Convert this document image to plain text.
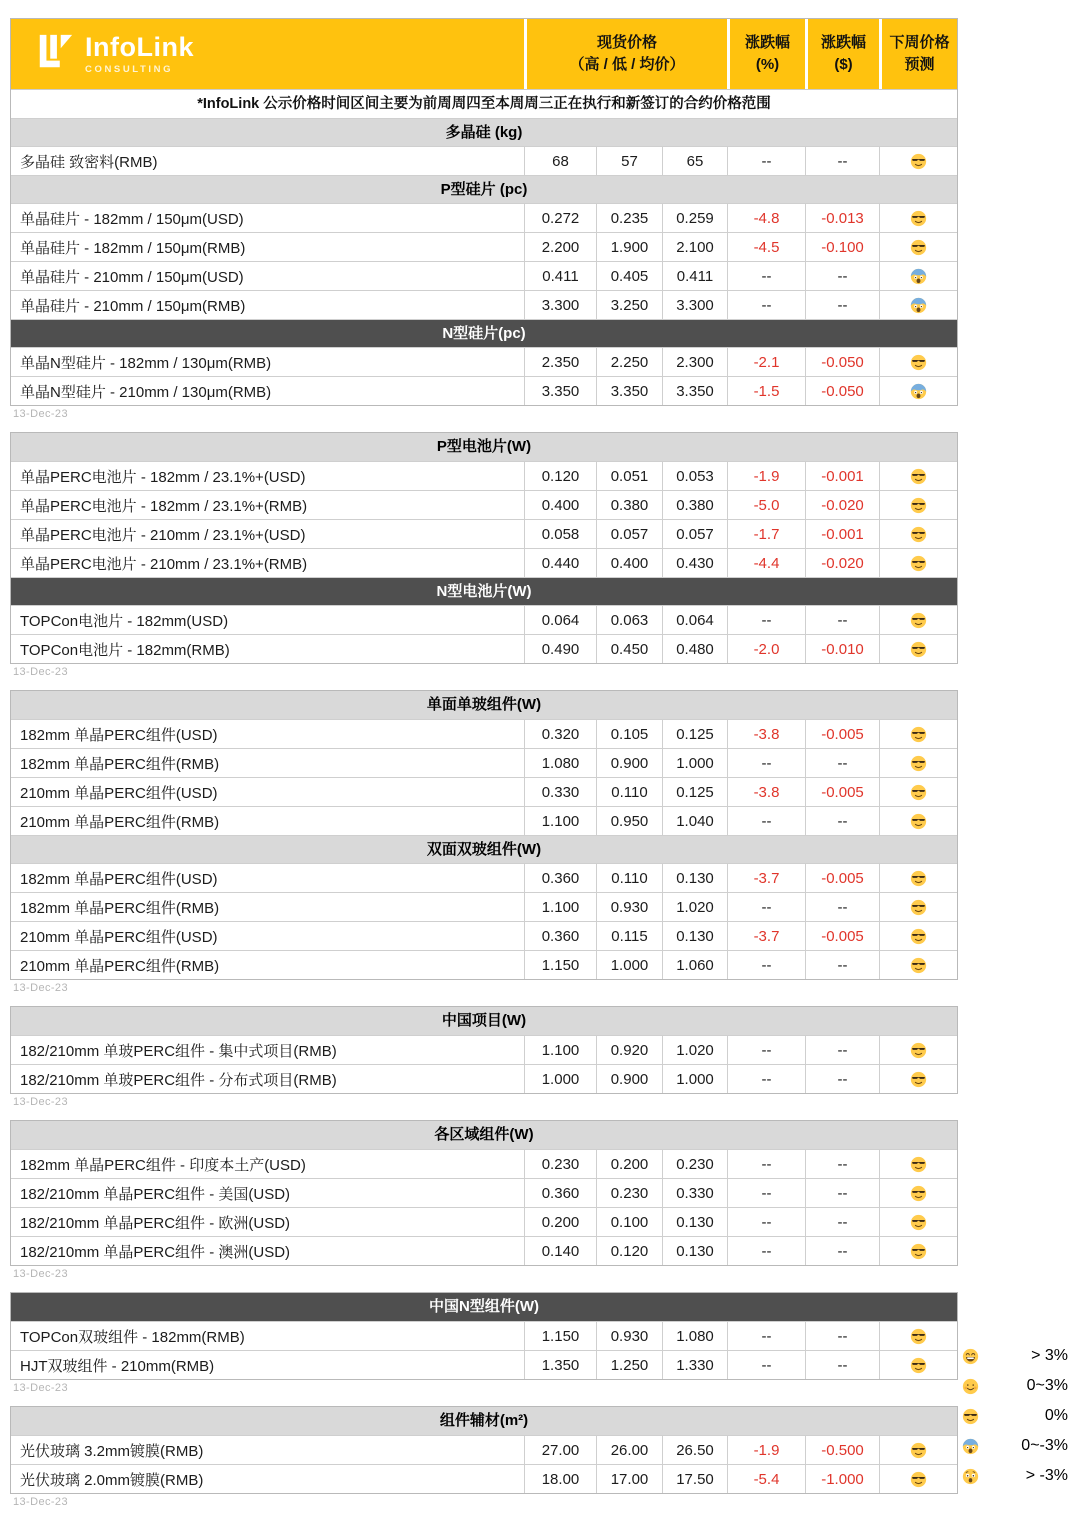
InfoLink
CONSULTING
现货价格
（高 / 低 / 均价）
涨跌幅
(%)
涨跌幅
($)
下周价格
预测
*InfoLink 公示价格时间区间主要为前周周四至本周周三正在执行和新签订的合约价格范围
多晶硅 (kg)
多晶硅 致密料(RMB)	68	57	65	--	--
P型硅片 (pc)
单晶硅片 - 182mm / 150μm(USD)	0.272	0.235	0.259	-4.8	-0.013
单晶硅片 - 182mm / 150μm(RMB)	2.200	1.900	2.100	-4.5	-0.100
单晶硅片 - 210mm / 150μm(USD)	0.411	0.405	0.411	--	--
单晶硅片 - 210mm / 150μm(RMB)	3.300	3.250	3.300	--	--
N型硅片(pc)
单晶N型硅片 - 182mm / 130μm(RMB)	2.350	2.250	2.300	-2.1	-0.050
单晶N型硅片 - 210mm / 130μm(RMB)	3.350	3.350	3.350	-1.5	-0.050
13-Dec-23
P型电池片(W)
单晶PERC电池片 - 182mm / 23.1%+(USD)	0.120	0.051	0.053	-1.9	-0.001
单晶PERC电池片 - 182mm / 23.1%+(RMB)	0.400	0.380	0.380	-5.0	-0.020
单晶PERC电池片 - 210mm / 23.1%+(USD)	0.058	0.057	0.057	-1.7	-0.001
单晶PERC电池片 - 210mm / 23.1%+(RMB)	0.440	0.400	0.430	-4.4	-0.020
N型电池片(W)
TOPCon电池片 - 182mm(USD)	0.064	0.063	0.064	--	--
TOPCon电池片 - 182mm(RMB)	0.490	0.450	0.480	-2.0	-0.010
13-Dec-23
单面单玻组件(W)
182mm 单晶PERC组件(USD)	0.320	0.105	0.125	-3.8	-0.005
182mm 单晶PERC组件(RMB)	1.080	0.900	1.000	--	--
210mm 单晶PERC组件(USD)	0.330	0.110	0.125	-3.8	-0.005
210mm 单晶PERC组件(RMB)	1.100	0.950	1.040	--	--
双面双玻组件(W)
182mm 单晶PERC组件(USD)	0.360	0.110	0.130	-3.7	-0.005
182mm 单晶PERC组件(RMB)	1.100	0.930	1.020	--	--
210mm 单晶PERC组件(USD)	0.360	0.115	0.130	-3.7	-0.005
210mm 单晶PERC组件(RMB)	1.150	1.000	1.060	--	--
13-Dec-23
中国项目(W)
182/210mm 单玻PERC组件 - 集中式项目(RMB)	1.100	0.920	1.020	--	--
182/210mm 单玻PERC组件 - 分布式项目(RMB)	1.000	0.900	1.000	--	--
13-Dec-23
各区域组件(W)
182mm 单晶PERC组件 - 印度本土产(USD)	0.230	0.200	0.230	--	--
182/210mm 单晶PERC组件 - 美国(USD)	0.360	0.230	0.330	--	--
182/210mm 单晶PERC组件 - 欧洲(USD)	0.200	0.100	0.130	--	--
182/210mm 单晶PERC组件 - 澳洲(USD)	0.140	0.120	0.130	--	--
13-Dec-23
中国N型组件(W)
TOPCon双玻组件 - 182mm(RMB)	1.150	0.930	1.080	--	--
HJT双玻组件 - 210mm(RMB)	1.350	1.250	1.330	--	--
13-Dec-23
组件辅材(m²)
光伏玻璃 3.2mm镀膜(RMB)	27.00	26.00	26.50	-1.9	-0.500
光伏玻璃 2.0mm镀膜(RMB)	18.00	17.00	17.50	-5.4	-1.000
13-Dec-23
> 3%
0~3%
0%
0~-3%
> -3%
